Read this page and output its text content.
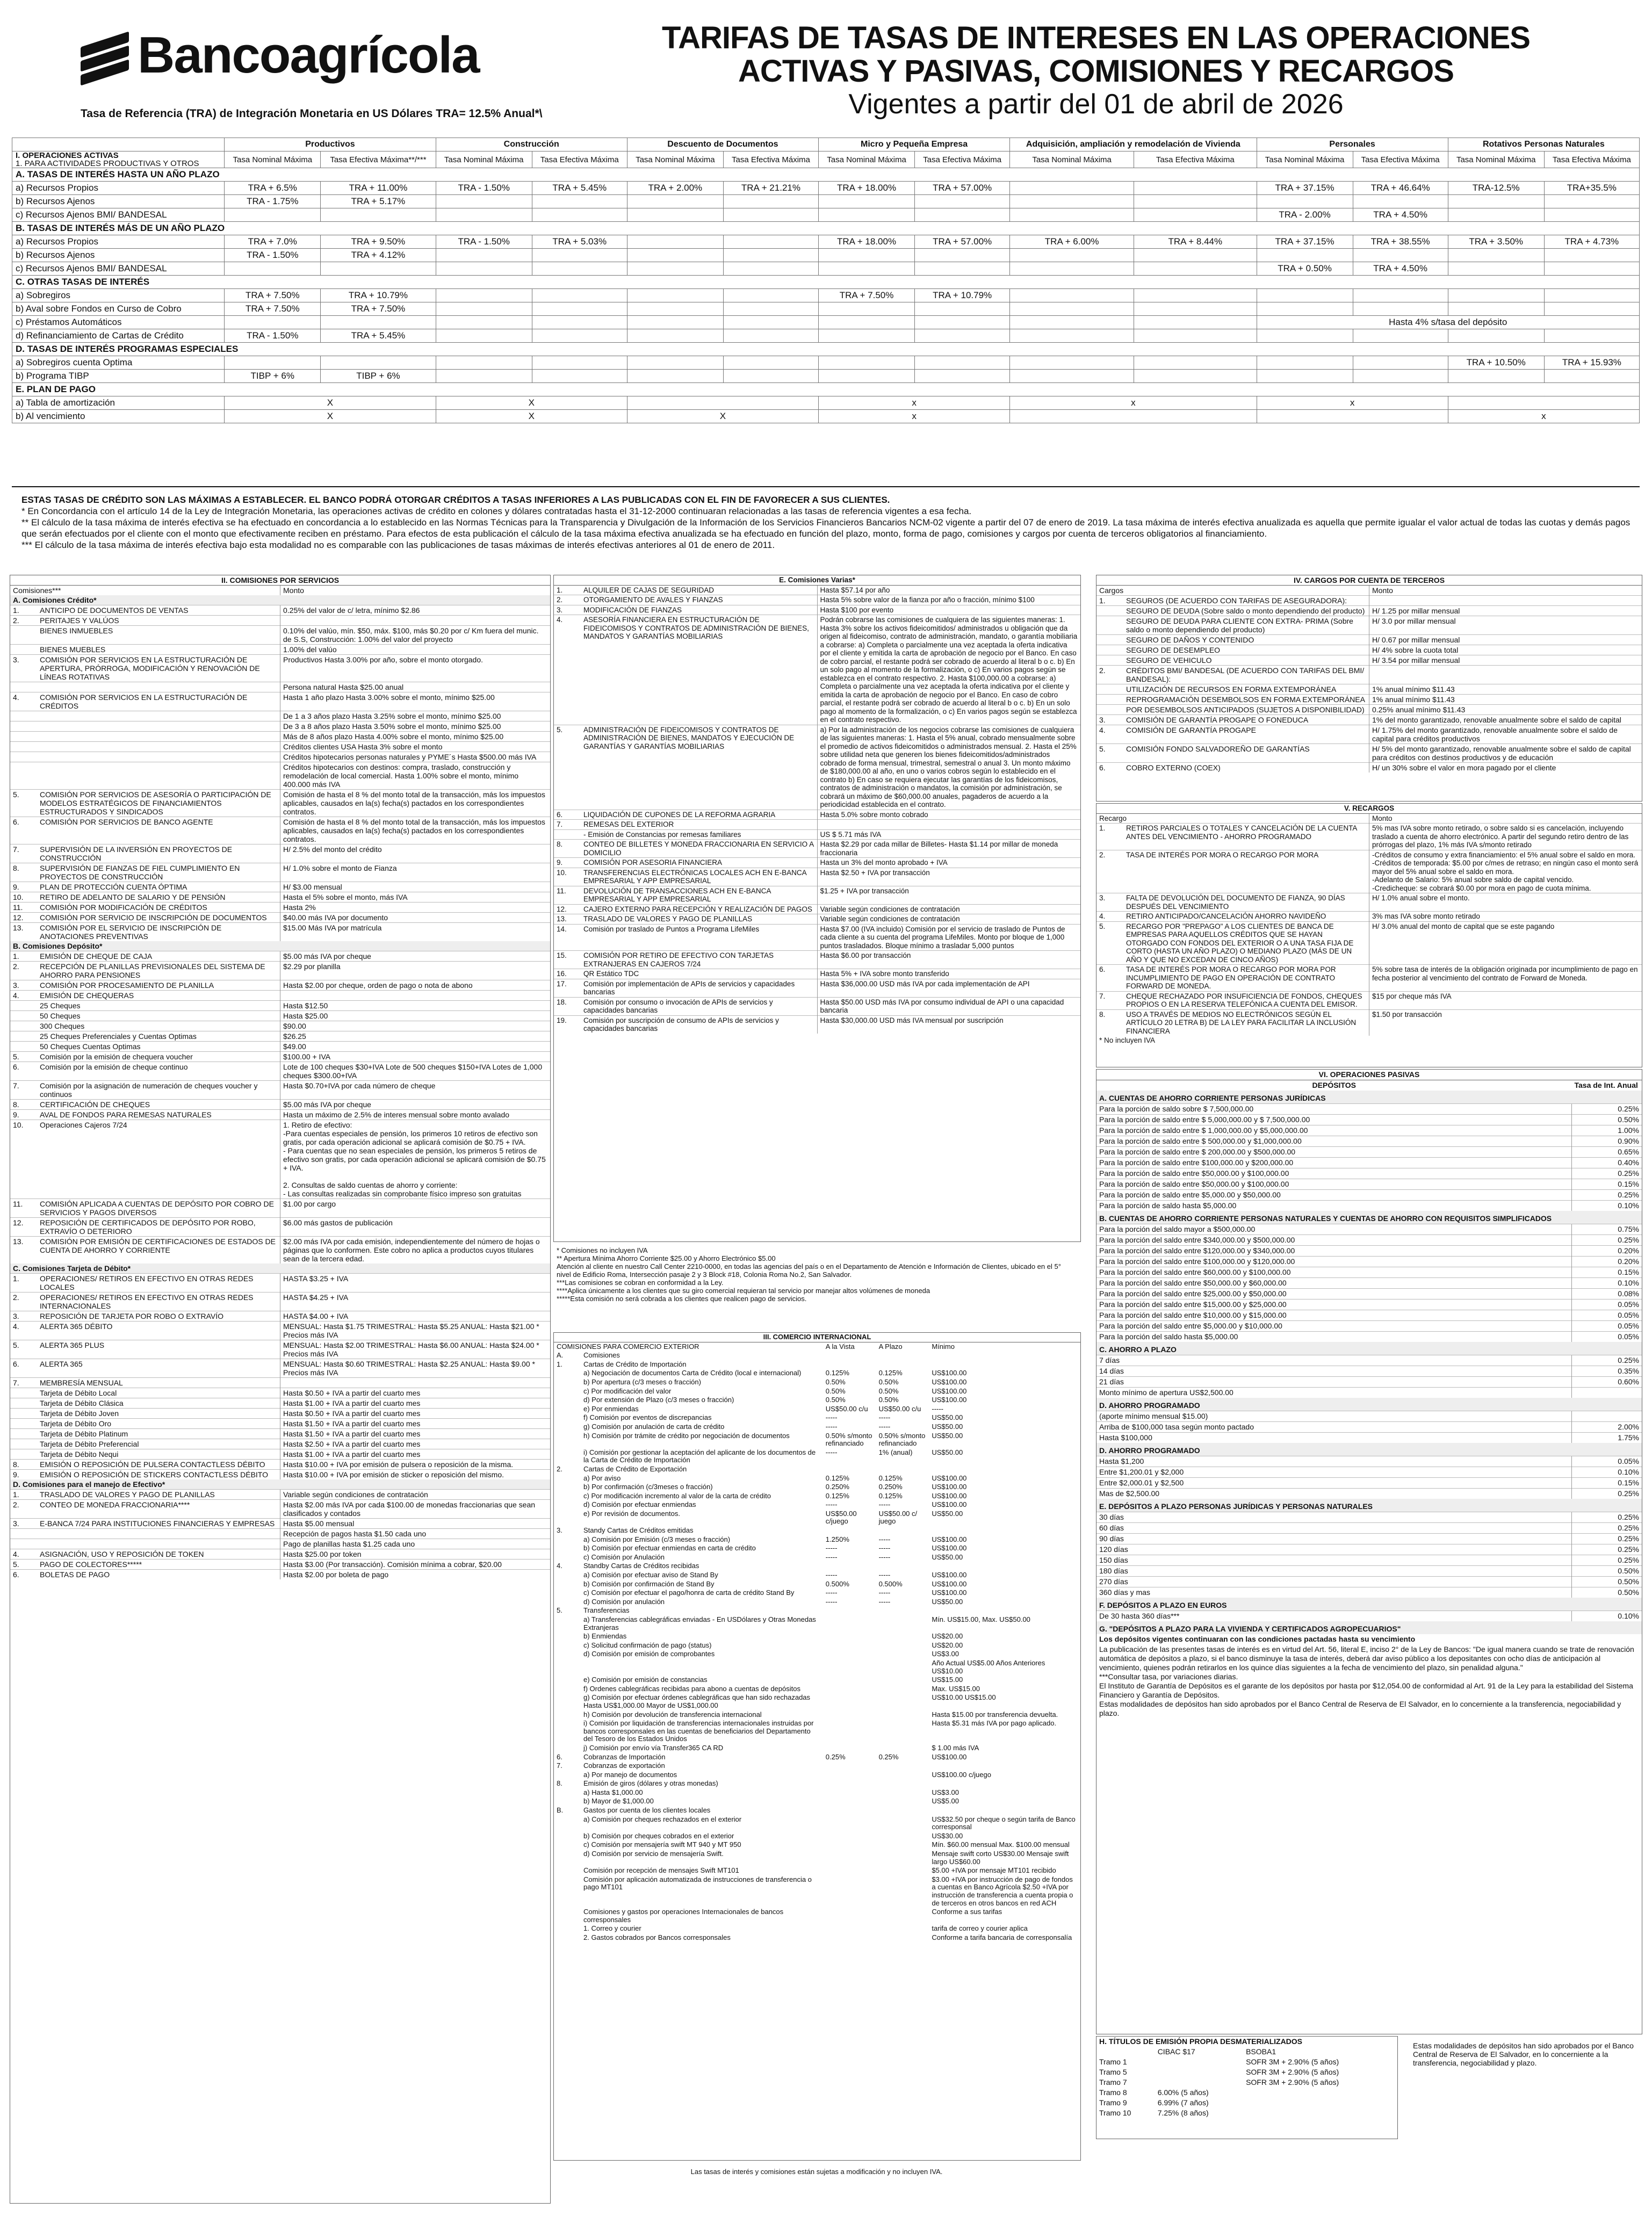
Bancoagrícola
Tasa de Referencia (TRA) de Integración Monetaria en US Dólares TRA= 12.5% Anual*\
TARIFAS DE TASAS DE INTERESES EN LAS OPERACIONES
ACTIVAS Y PASIVAS, COMISIONES Y RECARGOS
Vigentes a partir del 01 de abril de 2026
	Productivos		Construcción		Descuento de Documentos		Micro y Pequeña Empresa		Adquisición, ampliación y remodelación de Vivienda		Personales		Rotativos Personas Naturales	

I. OPERACIONES ACTIVAS
1. PARA ACTIVIDADES PRODUCTIVAS Y OTROS	Tasa Nominal Máxima	Tasa Efectiva Máxima**/***	Tasa Nominal Máxima	Tasa Efectiva Máxima	Tasa Nominal Máxima	Tasa Efectiva Máxima	Tasa Nominal Máxima	Tasa Efectiva Máxima	Tasa Nominal Máxima	Tasa Efectiva Máxima	Tasa Nominal Máxima	Tasa Efectiva Máxima	Tasa Nominal Máxima	Tasa Efectiva Máxima
A. TASAS DE INTERÉS HASTA UN AÑO PLAZO														
a) Recursos Propios	TRA + 6.5%	TRA + 11.00%	TRA - 1.50%	TRA + 5.45%	TRA + 2.00%	TRA + 21.21%	TRA + 18.00%	TRA + 57.00%			TRA + 37.15%	TRA + 46.64%	TRA-12.5%	TRA+35.5%
b) Recursos Ajenos	TRA - 1.75%	TRA + 5.17%												
c) Recursos Ajenos BMI/ BANDESAL											TRA - 2.00%	TRA + 4.50%		
B. TASAS DE INTERÉS MÁS DE UN AÑO PLAZO														
a) Recursos Propios	TRA + 7.0%	TRA + 9.50%	TRA - 1.50%	TRA + 5.03%			TRA + 18.00%	TRA + 57.00%	TRA + 6.00%	TRA + 8.44%	TRA + 37.15%	TRA + 38.55%	TRA + 3.50%	TRA + 4.73%
b) Recursos Ajenos	TRA - 1.50%	TRA + 4.12%												
c) Recursos Ajenos BMI/ BANDESAL											TRA + 0.50%	TRA + 4.50%		
C. OTRAS TASAS DE INTERÉS														
a) Sobregiros	TRA + 7.50%	TRA + 10.79%					TRA + 7.50%	TRA + 10.79%						
b) Aval sobre Fondos en Curso de Cobro	TRA + 7.50%	TRA + 7.50%												
c) Préstamos Automáticos											Hasta 4% s/tasa del depósito			
d) Refinanciamiento de Cartas de Crédito	TRA - 1.50%	TRA + 5.45%												
D. TASAS DE INTERÉS PROGRAMAS ESPECIALES														
a) Sobregiros cuenta Optima													TRA + 10.50%	TRA + 15.93%
b) Programa TIBP	TIBP + 6%	TIBP + 6%												
E. PLAN DE PAGO														
a) Tabla de amortización	X		X				x		x		x			
b) Al vencimiento	X		X		X		x						x	
ESTAS TASAS DE CRÉDITO SON LAS MÁXIMAS A ESTABLECER. EL BANCO PODRÁ OTORGAR CRÉDITOS A TASAS INFERIORES A LAS PUBLICADAS CON EL FIN DE FAVORECER A SUS CLIENTES.
* En Concordancia con el artículo 14 de la Ley de Integración Monetaria, las operaciones activas de crédito en colones y dólares contratadas hasta el 31-12-2000 continuaran relacionadas a las tasas de referencia vigentes a esa fecha.
** El cálculo de la tasa máxima de interés efectiva se ha efectuado en concordancia a lo establecido en las Normas Técnicas para la Transparencia y Divulgación de la Información de los Servicios Financieros Bancarios NCM-02 vigente a partir del 07 de enero de 2019. La tasa máxima de interés efectiva anualizada es aquella que permite igualar el valor actual de todas las cuotas y demás pagos que serán efectuados por el cliente con el monto que efectivamente reciben en préstamo. Para efectos de esta publicación el cálculo de la tasa máxima efectiva anualizada se ha efectuado en función del plazo, monto, forma de pago, comisiones y cargos por cuenta de terceros obligatorios al financiamiento.
*** El cálculo de la tasa máxima de interés efectiva bajo esta modalidad no es comparable con las publicaciones de tasas máximas de interés efectivas anteriores al 01 de enero de 2011.
II. COMISIONES POR SERVICIOS		
Comisiones***		Monto
A. Comisiones Crédito*		
1.	ANTICIPO DE DOCUMENTOS DE VENTAS	0.25% del valor de c/ letra, mínimo $2.86
2.	PERITAJES Y VALÚOS	
	BIENES INMUEBLES	0.10% del valúo, mín. $50, máx. $100, más $0.20 por c/ Km fuera del munic. de S.S, Construcción: 1.00% del valor del proyecto
	BIENES MUEBLES	1.00% del valúo
3.	COMISIÓN POR SERVICIOS EN LA ESTRUCTURACIÓN DE APERTURA, PRÓRROGA, MODIFICACIÓN Y RENOVACIÓN DE LÍNEAS ROTATIVAS	Productivos Hasta 3.00% por año, sobre el monto otorgado.
		Persona natural Hasta $25.00 anual
4.	COMISIÓN POR SERVICIOS EN LA ESTRUCTURACIÓN DE CRÉDITOS	Hasta 1 año plazo Hasta 3.00% sobre el monto, mínimo $25.00
		De 1 a 3 años plazo Hasta 3.25% sobre el monto, mínimo $25.00
		De 3 a 8 años plazo Hasta 3.50% sobre el monto, mínimo $25.00
		Más de 8 años plazo Hasta 4.00% sobre el monto, mínimo $25.00
		Créditos clientes USA Hasta 3% sobre el monto
		Créditos hipotecarios personas naturales y PYME´s Hasta $500.00 más IVA
		Créditos hipotecarios con destinos: compra, traslado, construcción y remodelación de local comercial. Hasta 1.00% sobre el monto, mínimo 400.000 más IVA
5.	COMISIÓN POR SERVICIOS DE ASESORÍA O PARTICIPACIÓN DE MODELOS ESTRATÉGICOS DE FINANCIAMIENTOS ESTRUCTURADOS Y SINDICADOS	Comisión de hasta el 8 % del monto total de la transacción, más los impuestos aplicables, causados en la(s) fecha(s) pactados en los correspondientes contratos.
6.	COMISIÓN POR SERVICIOS DE BANCO AGENTE	Comisión de hasta el 8 % del monto total de la transacción, más los impuestos aplicables, causados en la(s) fecha(s) pactados en los correspondientes contratos.
7.	SUPERVISIÓN DE LA INVERSIÓN EN PROYECTOS DE CONSTRUCCIÓN	H/ 2.5% del monto del crédito
8.	SUPERVISIÓN DE FIANZAS DE FIEL CUMPLIMIENTO EN PROYECTOS DE CONSTRUCCIÓN	H/ 1.0% sobre el monto de Fianza
9.	PLAN DE PROTECCIÓN CUENTA ÓPTIMA	H/ $3.00 mensual
10.	RETIRO DE ADELANTO DE SALARIO Y DE PENSIÓN	Hasta el 5% sobre el monto, más IVA
11.	COMISIÓN POR MODIFICACIÓN DE CRÉDITOS	Hasta 2%
12.	COMISIÓN POR SERVICIO DE INSCRIPCIÓN DE DOCUMENTOS	$40.00 más IVA por documento
13.	COMISIÓN POR EL SERVICIO DE INSCRIPCIÓN DE ANOTACIONES PREVENTIVAS	$15.00 Más IVA por matrícula
B. Comisiones Depósito*		
1.	EMISIÓN DE CHEQUE DE CAJA	$5.00 más IVA por cheque
2.	RECEPCIÓN DE PLANILLAS PREVISIONALES DEL SISTEMA DE AHORRO PARA PENSIONES	$2.29 por planilla
3.	COMISIÓN POR PROCESAMIENTO DE PLANILLA	Hasta $2.00 por cheque, orden de pago o nota de abono
4.	EMISIÓN DE CHEQUERAS	
	25 Cheques	Hasta $12.50
	50 Cheques	Hasta $25.00
	300 Cheques	$90.00
	25 Cheques Preferenciales y Cuentas Optimas	$26.25
	50 Cheques Cuentas Optimas	$49.00
5.	Comisión por la emisión de chequera voucher	$100.00 + IVA
6.	Comisión por la emisión de cheque continuo	Lote de 100 cheques $30+IVA Lote de 500 cheques $150+IVA Lotes de 1,000 cheques $300.00+IVA
7.	Comisión por la asignación de numeración de cheques voucher y continuos	Hasta $0.70+IVA por cada número de cheque
8.	CERTIFICACIÓN DE CHEQUES	$5.00 más IVA por cheque
9.	AVAL DE FONDOS PARA REMESAS NATURALES	Hasta un máximo de 2.5% de interes mensual sobre monto avalado
10.	Operaciones Cajeros 7/24	1. Retiro de efectivo:
-Para cuentas especiales de pensión, los primeros 10 retiros de efectivo son gratis, por cada operación adicional se aplicará comisión de $0.75 + IVA.
- Para cuentas que no sean especiales de pensión, los primeros 5 retiros de efectivo son gratis, por cada operación adicional se aplicará comisión de $0.75 + IVA.

2. Consultas de saldo cuentas de ahorro y corriente:
- Las consultas realizadas sin comprobante físico impreso son gratuitas
11.	COMISIÓN APLICADA A CUENTAS DE DEPÓSITO POR COBRO DE SERVICIOS Y PAGOS DIVERSOS	$1.00 por cargo
12.	REPOSICIÓN DE CERTIFICADOS DE DEPÓSITO POR ROBO, EXTRAVÍO O DETERIORO	$6.00 más gastos de publicación
13.	COMISIÓN POR EMISIÓN DE CERTIFICACIONES DE ESTADOS DE CUENTA DE AHORRO Y CORRIENTE	$2.00 más IVA por cada emisión, independientemente del número de hojas o páginas que lo conformen. Este cobro no aplica a productos cuyos titulares sean de la tercera edad.
C. Comisiones Tarjeta de Débito*		
1.	OPERACIONES/ RETIROS EN EFECTIVO EN OTRAS REDES LOCALES	HASTA $3.25 + IVA
2.	OPERACIONES/ RETIROS EN EFECTIVO EN OTRAS REDES INTERNACIONALES	HASTA $4.25 + IVA
3.	REPOSICIÓN DE TARJETA POR ROBO O EXTRAVÍO	HASTA $4.00 + IVA
4.	ALERTA 365 DÉBITO	MENSUAL: Hasta $1.75 TRIMESTRAL: Hasta $5.25 ANUAL: Hasta $21.00 * Precios más IVA
5.	ALERTA 365 PLUS	MENSUAL: Hasta $2.00 TRIMESTRAL: Hasta $6.00 ANUAL: Hasta $24.00 * Precios más IVA
6.	ALERTA 365	MENSUAL: Hasta $0.60 TRIMESTRAL: Hasta $2.25 ANUAL: Hasta $9.00 * Precios más IVA
7.	MEMBRESÍA MENSUAL	
	Tarjeta de Débito Local	Hasta $0.50 + IVA a partir del cuarto mes
	Tarjeta de Débito Clásica	Hasta $1.00 + IVA a partir del cuarto mes
	Tarjeta de Débito Joven	Hasta $0.50 + IVA a partir del cuarto mes
	Tarjeta de Débito Oro	Hasta $1.50 + IVA a partir del cuarto mes
	Tarjeta de Débito Platinum	Hasta $1.50 + IVA a partir del cuarto mes
	Tarjeta de Débito Preferencial	Hasta $2.50 + IVA a partir del cuarto mes
	Tarjeta de Débito Nequi	Hasta $1.00 + IVA a partir del cuarto mes
8.	EMISIÓN O REPOSICIÓN DE PULSERA CONTACTLESS DÉBITO	Hasta $10.00 + IVA por emisión de pulsera o reposición de la misma.
9.	EMISIÓN O REPOSICIÓN DE STICKERS CONTACTLESS DÉBITO	Hasta $10.00 + IVA por emisión de sticker o reposición del mismo.
D. Comisiones para el manejo de Efectivo*		
1.	TRASLADO DE VALORES Y PAGO DE PLANILLAS	Variable según condiciones de contratación
2.	CONTEO DE MONEDA FRACCIONARIA****	Hasta $2.00 más IVA por cada $100.00 de monedas fraccionarias que sean clasificados y contados
3.	E-BANCA 7/24 PARA INSTITUCIONES FINANCIERAS Y EMPRESAS	Hasta $5.00 mensual
		Recepción de pagos hasta $1.50 cada uno
		Pago de planillas hasta $1.25 cada uno
4.	ASIGNACIÓN, USO Y REPOSICIÓN DE TOKEN	Hasta $25.00 por token
5.	PAGO DE COLECTORES*****	Hasta $3.00 (Por transacción). Comisión mínima a cobrar, $20.00
6.	BOLETAS DE PAGO	Hasta $2.00 por boleta de pago
E. Comisiones Varias*		
1.	ALQUILER DE CAJAS DE SEGURIDAD	Hasta $57.14 por año
2.	OTORGAMIENTO DE AVALES Y FIANZAS	Hasta 5% sobre valor de la fianza por año o fracción, mínimo $100
3.	MODIFICACIÓN DE FIANZAS	Hasta $100 por evento
4.	ASESORÍA FINANCIERA EN ESTRUCTURACIÓN DE FIDEICOMISOS Y CONTRATOS DE ADMINISTRACIÓN DE BIENES, MANDATOS Y GARANTÍAS MOBILIARIAS	Podrán cobrarse las comisiones de cualquiera de las siguientes maneras: 1. Hasta 3% sobre los activos fideicomitidos/ administrados u obligación que da origen al fideicomiso, contrato de administración, mandato, o garantía mobiliaria a cobrarse: a) Completa o parcialmente una vez aceptada la oferta indicativa por el cliente y emitida la carta de aprobación de negocio por el Banco. En caso de cobro parcial, el restante podrá ser cobrado de acuerdo al literal b o c. b) En un solo pago al momento de la formalización, o c) En varios pagos según se establezca en el contrato respectivo. 2. Hasta $100,000.00 a cobrarse: a) Completa o parcialmente una vez aceptada la oferta indicativa por el cliente y emitida la carta de aprobación de negocio por el Banco. En caso de cobro parcial, el restante podrá ser cobrado de acuerdo al literal b o c. b) En un solo pago al momento de la formalización, o c) En varios pagos según se establezca en el contrato respectivo.
5.	ADMINISTRACIÓN DE FIDEICOMISOS Y CONTRATOS DE ADMINISTRACIÓN DE BIENES, MANDATOS Y EJECUCIÓN DE GARANTÍAS Y GARANTÍAS MOBILIARIAS	a) Por la administración de los negocios cobrarse las comisiones de cualquiera de las siguientes maneras: 1. Hasta el 5% anual, cobrado mensualmente sobre el promedio de activos fideicomitidos o administrados mensual. 2. Hasta el 25% sobre utilidad neta que generen los bienes fideicomitidos/administrados cobrado de forma mensual, trimestral, semestral o anual 3. Un monto máximo de $180,000.00 al año, en uno o varios cobros según lo establecido en el contrato b) En caso se requiera ejecutar las garantías de los fideicomisos, contratos de administración o mandatos, la comisión por administración, se cobrará un máximo de $60,000.00 anuales, pagaderos de acuerdo a la periodicidad establecida en el contrato.
6.	LIQUIDACIÓN DE CUPONES DE LA REFORMA AGRARIA	Hasta 5.0% sobre monto cobrado
7.	REMESAS DEL EXTERIOR	
	- Emisión de Constancias por remesas familiares	US $ 5.71 más IVA
8.	CONTEO DE BILLETES Y MONEDA FRACCIONARIA EN SERVICIO A DOMICILIO	Hasta $2.29 por cada millar de Billetes- Hasta $1.14 por millar de moneda fraccionaria
9.	COMISIÓN POR ASESORIA FINANCIERA	Hasta un 3% del monto aprobado + IVA
10.	TRANSFERENCIAS ELECTRÓNICAS LOCALES ACH EN E-BANCA EMPRESARIAL Y APP EMPRESARIAL	Hasta $2.50 + IVA por transacción
11.	DEVOLUCIÓN DE TRANSACCIONES ACH EN E-BANCA EMPRESARIAL Y APP EMPRESARIAL	$1.25 + IVA por transacción
12.	CAJERO EXTERNO PARA RECEPCIÓN Y REALIZACIÓN DE PAGOS	Variable según condiciones de contratación
13.	TRASLADO DE VALORES Y PAGO DE PLANILLAS	Variable según condiciones de contratación
14.	Comisión por traslado de Puntos a Programa LifeMiles	Hasta $7.00 (IVA incluido) Comisión por el servicio de traslado de Puntos de cada cliente a su cuenta del programa LifeMiles. Monto por bloque de 1,000 puntos trasladados. Bloque mínimo a trasladar 5,000 puntos
15.	COMISIÓN POR RETIRO DE EFECTIVO CON TARJETAS EXTRANJERAS EN CAJEROS 7/24	Hasta $6.00 por transacción
16.	QR Estático TDC	Hasta 5% + IVA sobre monto transferido
17.	Comisión por implementación de APIs de servicios y capacidades bancarias	Hasta $36,000.00 USD más IVA por cada implementación de API
18.	Comisión por consumo o invocación de APIs de servicios y capacidades bancarias	Hasta $50.00 USD más IVA por consumo individual de API o una capacidad bancaria
19.	Comisión por suscripción de consumo de APIs de servicios y capacidades bancarias	Hasta $30,000.00 USD más IVA mensual por suscripción
* Comisiones no incluyen IVA
** Apertura Mínima Ahorro Corriente $25.00 y Ahorro Electrónico $5.00
Atención al cliente en nuestro Call Center 2210-0000, en todas las agencias del país o en el Departamento de Atención e Información de Clientes, ubicado en el 5° nivel de Edificio Roma, Intersección pasaje 2 y 3 Block #18, Colonia Roma No.2, San Salvador.
***Las comisiones se cobran en conformidad a la Ley.
****Aplica únicamente a los clientes que su giro comercial requieran tal servicio por manejar altos volúmenes de moneda
*****Esta comisión no será cobrada a los clientes que realicen pago de servicios.
III. COMERCIO INTERNACIONAL				
COMISIONES PARA COMERCIO EXTERIOR		A la Vista	A Plazo	Mínimo
A.	Comisiones			
1.	Cartas de Crédito de Importación			
	a) Negociación de documentos Carta de Crédito (local e internacional)	0.125%	0.125%	US$100.00
	b) Por apertura (c/3 meses o fracción)	0.50%	0.50%	US$100.00
	c) Por modificación del valor	0.50%	0.50%	US$100.00
	d) Por extensión de Plazo (c/3 meses o fracción)	0.50%	0.50%	US$100.00
	e) Por enmiendas	US$50.00 c/u	US$50.00 c/u	-----
	f) Comisión por eventos de discrepancias	-----	-----	US$50.00
	g) Comisión por anulación de carta de crédito	-----	-----	US$50.00
	h) Comisión por trámite de crédito por negociación de documentos	0.50% s/monto refinanciado	0.50% s/monto refinanciado	US$50.00
	i) Comisión por gestionar la aceptación del aplicante de los documentos de la Carta de Crédito de Importación	-----	1% (anual)	US$50.00
2.	Cartas de Crédito de Exportación			
	a) Por aviso	0.125%	0.125%	US$100.00
	b) Por confirmación (c/3meses o fracción)	0.250%	0.250%	US$100.00
	c) Por modificación incremento al valor de la carta de crédito	0.125%	0.125%	US$100.00
	d) Comisión por efectuar enmiendas	-----	-----	US$100.00
	e) Por revisión de documentos.	US$50.00 c/juego	US$50.00 c/ juego	US$50.00
3.	Standy Cartas de Créditos emitidas			
	a) Comisión por Emisión (c/3 meses o fracción)	1.250%	-----	US$100.00
	b) Comisión por efectuar enmiendas en carta de crédito	-----	-----	US$100.00
	c) Comisión por Anulación	-----	-----	US$50.00
4.	Standby Cartas de Créditos recibidas			
	a) Comisión por efectuar aviso de Stand By	-----	-----	US$100.00
	b) Comisión por confirmación de Stand By	0.500%	0.500%	US$100.00
	c) Comisión por efectuar el pago/honra de carta de crédito Stand By	-----	-----	US$100.00
	d) Comisión por anulación	-----	-----	US$50.00
5.	Transferencias			
	a) Transferencias cablegráficas enviadas - En USDólares y Otras Monedas Extranjeras			Mín. US$15.00, Max. US$50.00
	b) Enmiendas			US$20.00
	c) Solicitud confirmación de pago (status)			US$20.00
	d) Comisión por emisión de comprobantes			US$3.00
				Año Actual US$5.00 Años Anteriores US$10.00
	e) Comisión por emisión de constancias			US$15.00
	f) Ordenes cablegráficas recibidas para abono a cuentas de depósitos			Max. US$15.00
	g) Comisión por efectuar órdenes cablegráficas que han sido rechazadas Hasta US$1,000.00 Mayor de US$1,000.00			US$10.00 US$15.00
	h) Comisión por devolución de transferencia internacional			Hasta $15.00 por transferencia devuelta.
	i) Comisión por liquidación de transferencias internacionales instruidas por bancos corresponsales en las cuentas de beneficiarios del Departamento del Tesoro de los Estados Unidos			Hasta $5.31 más IVA por pago aplicado.
	j) Comisión por envío vía Transfer365 CA RD			$ 1.00 más IVA
6.	Cobranzas de Importación	0.25%	0.25%	US$100.00
7.	Cobranzas de exportación			
	a) Por manejo de documentos			US$100.00 c/juego
8.	Emisión de giros (dólares y otras monedas)			
	a) Hasta $1,000.00			US$3.00
	b) Mayor de $1,000.00			US$5.00
B.	Gastos por cuenta de los clientes locales			
	a) Comisión por cheques rechazados en el exterior			US$32.50 por cheque o según tarifa de Banco corresponsal
	b) Comisión por cheques cobrados en el exterior			US$30.00
	c) Comisión por mensajería swift MT 940 y MT 950			Mín. $60.00 mensual Max. $100.00 mensual
	d) Comisión por servicio de mensajería Swift.			Mensaje swift corto US$30.00 Mensaje swift largo US$60.00
	Comisión por recepción de mensajes Swift MT101			$5.00 +IVA por mensaje MT101 recibido
	Comisión por aplicación automatizada de instrucciones de transferencia o pago MT101			$3.00 +IVA por instrucción de pago de fondos a cuentas en Banco Agrícola $2.50 +IVA por instrucción de transferencia a cuenta propia o de terceros en otros bancos en red ACH
	Comisiones y gastos por operaciones Internacionales de bancos corresponsales			Conforme a sus tarifas
	1. Correo y courier			tarifa de correo y courier aplica
	2. Gastos cobrados por Bancos corresponsales			Conforme a tarifa bancaria de corresponsalía
Las tasas de interés y comisiones están sujetas a modificación y no incluyen IVA.
IV. CARGOS POR CUENTA DE TERCEROS		
Cargos		Monto
1.	SEGUROS (DE ACUERDO CON TARIFAS DE ASEGURADORA):	
	SEGURO DE DEUDA (Sobre saldo o monto dependiendo del producto)	H/ 1.25 por millar mensual
	SEGURO DE DEUDA PARA CLIENTE CON EXTRA- PRIMA (Sobre saldo o monto dependiendo del producto)	H/ 3.0 por millar mensual
	SEGURO DE DAÑOS Y CONTENIDO	H/ 0.67 por millar mensual
	SEGURO DE DESEMPLEO	H/ 4% sobre la cuota total
	SEGURO DE VEHICULO	H/ 3.54 por millar mensual
2.	CRÉDITOS BMI/ BANDESAL (DE ACUERDO CON TARIFAS DEL BMI/ BANDESAL):	
	UTILIZACIÓN DE RECURSOS EN FORMA EXTEMPORÁNEA	1% anual mínimo $11.43
	REPROGRAMACIÓN DESEMBOLSOS EN FORMA EXTEMPORÁNEA	1% anual mínimo $11.43
	POR DESEMBOLSOS ANTICIPADOS (SUJETOS A DISPONIBILIDAD)	0.25% anual mínimo $11.43
3.	COMISIÓN DE GARANTÍA PROGAPE O FONEDUCA	1% del monto garantizado, renovable anualmente sobre el saldo de capital
4.	COMISIÓN DE GARANTÍA PROGAPE	H/ 1.75% del monto garantizado, renovable anualmente sobre el saldo de capital para créditos productivos
5.	COMISIÓN FONDO SALVADOREÑO DE GARANTÍAS	H/ 5% del monto garantizado, renovable anualmente sobre el saldo de capital para créditos con destinos productivos y de educación
6.	COBRO EXTERNO (COEX)	H/ un 30% sobre el valor en mora pagado por el cliente
V. RECARGOS		
Recargo		Monto
1.	RETIROS PARCIALES O TOTALES Y CANCELACIÓN DE LA CUENTA ANTES DEL VENCIMIENTO - AHORRO PROGRAMADO	5% mas IVA sobre monto retirado, o sobre saldo si es cancelación, incluyendo traslado a cuenta de ahorro electrónico. A partir del segundo retiro dentro de las prórrogas del plazo, 1% más IVA s/monto retirado
2.	TASA DE INTERÉS POR MORA O RECARGO POR MORA	-Créditos de consumo y extra financiamiento: el 5% anual sobre el saldo en mora.
-Créditos de temporada: $5.00 por c/mes de retraso; en ningún caso el monto será mayor del 5% anual sobre el saldo en mora.
-Adelanto de Salario: 5% anual sobre saldo de capital vencido.
-Credicheque: se cobrará $0.00 por mora en pago de cuota mínima.
3.	FALTA DE DEVOLUCIÓN DEL DOCUMENTO DE FIANZA, 90 DÍAS DESPUÉS DEL VENCIMIENTO	H/ 1.0% anual sobre el monto.
4.	RETIRO ANTICIPADO/CANCELACIÓN AHORRO NAVIDEÑO	3% mas IVA sobre monto retirado
5.	RECARGO POR "PREPAGO" A LOS CLIENTES DE BANCA DE EMPRESAS PARA AQUELLOS CRÉDITOS QUE SE HAYAN OTORGADO CON FONDOS DEL EXTERIOR O A UNA TASA FIJA DE CORTO (HASTA UN AÑO PLAZO) O MEDIANO PLAZO (MÁS DE UN AÑO Y QUE NO EXCEDAN DE CINCO AÑOS)	H/ 3.0% anual del monto de capital que se este pagando
6.	TASA DE INTERÉS POR MORA O RECARGO POR MORA POR INCUMPLIMIENTO DE PAGO EN OPERACIÓN DE CONTRATO FORWARD DE MONEDA.	5% sobre tasa de interés de la obligación originada por incumplimiento de pago en fecha posterior al vencimiento del contrato de Forward de Moneda.
7.	CHEQUE RECHAZADO POR INSUFICIENCIA DE FONDOS, CHEQUES PROPIOS O EN LA RESERVA TELEFÓNICA A CUENTA DEL EMISOR.	$15 por cheque más IVA
8.	USO A TRAVÉS DE MEDIOS NO ELECTRÓNICOS SEGÚN EL ARTÍCULO 20 LETRA B) DE LA LEY PARA FACILITAR LA INCLUSIÓN FINANCIERA	$1.50 por transacción
* No incluyen IVA		
VI. OPERACIONES PASIVAS	
DEPÓSITOS	Tasa de Int. Anual
A. CUENTAS DE AHORRO CORRIENTE PERSONAS JURÍDICAS	
Para la porción de saldo sobre $ 7,500,000.00	0.25%
Para la porción de saldo entre $ 5,000,000.00 y $ 7,500,000.00	0.50%
Para la porción de saldo entre $ 1,000,000.00 y $5,000,000.00	1.00%
Para la porción de saldo entre $ 500,000.00 y $1,000,000.00	0.90%
Para la porción de saldo entre $ 200,000.00 y $500,000.00	0.65%
Para la porción de saldo entre $100,000.00 y $200,000.00	0.40%
Para la porción de saldo entre $50,000.00 y $100,000.00	0.25%
Para la porción de saldo entre $50,000.00 y $100,000.00	0.15%
Para la porción de saldo entre $5,000.00 y $50,000.00	0.25%
Para la porción de saldo hasta $5,000.00	0.10%
B. CUENTAS DE AHORRO CORRIENTE PERSONAS NATURALES Y CUENTAS DE AHORRO CON REQUISITOS SIMPLIFICADOS	
Para la porción del saldo mayor a $500,000.00	0.75%
Para la porción del saldo entre $340,000.00 y $500,000.00	0.25%
Para la porción del saldo entre $120,000.00 y $340,000.00	0.20%
Para la porción del saldo entre $100,000.00 y $120,000.00	0.20%
Para la porción del saldo entre $60,000.00 y $100,000.00	0.15%
Para la porción del saldo entre $50,000.00 y $60,000.00	0.10%
Para la porción del saldo entre $25,000.00 y $50,000.00	0.08%
Para la porción del saldo entre $15,000.00 y $25,000.00	0.05%
Para la porción del saldo entre $10,000.00 y $15,000.00	0.05%
Para la porción del saldo entre $5,000.00 y $10,000.00	0.05%
Para la porción del saldo hasta $5,000.00	0.05%
C. AHORRO A PLAZO	
7 días	0.25%
14 días	0.35%
21 días	0.60%
Monto mínimo de apertura US$2,500.00	
D. AHORRO PROGRAMADO	
(aporte mínimo mensual $15.00)	
Arriba de $100,000 tasa según monto pactado	2.00%
Hasta $100,000	1.75%
D. AHORRO PROGRAMADO	
Hasta $1,200	0.05%
Entre $1,200.01 y $2,000	0.10%
Entre $2,000.01 y $2,500	0.15%
Mas de $2,500.00	0.25%
E. DEPÓSITOS A PLAZO PERSONAS JURÍDICAS Y PERSONAS NATURALES	
30 días	0.25%
60 días	0.25%
90 días	0.25%
120 días	0.25%
150 días	0.25%
180 días	0.50%
270 días	0.50%
360 días y mas	0.50%
F. DEPÓSITOS A PLAZO EN EUROS	
De 30 hasta 360 días***	0.10%
G. "DEPÓSITOS A PLAZO PARA LA VIVIENDA Y CERTIFICADOS AGROPECUARIOS"	
Los depósitos vigentes continuaran con las condiciones pactadas hasta su vencimiento	
La publicación de las presentes tasas de interés es en virtud del Art. 56, literal E, inciso 2° de la Ley de Bancos: "De igual manera cuando se trate de renovación automática de depósitos a plazo, si el banco disminuye la tasa de interés, deberá dar aviso público a los depositantes con ocho días de anticipación al vencimiento, quienes podrán retirarlos en los quince días siguientes a la fecha de vencimiento del plazo, sin penalidad alguna."
***Consultar tasa, por variaciones diarias.
El Instituto de Garantía de Depósitos es el garante de los depósitos por hasta por $12,054.00 de conformidad al Art. 91 de la Ley para la estabilidad del Sistema Financiero y Garantía de Depósitos.
Estas modalidades de depósitos han sido aprobados por el Banco Central de Reserva de El Salvador, en lo concerniente a la transferencia, negociabilidad y plazo.	
H. TÍTULOS DE EMISIÓN PROPIA DESMATERIALIZADOS		
	CIBAC $17	BSOBA1
Tramo 1		SOFR 3M + 2.90% (5 años)
Tramo 5		SOFR 3M + 2.90% (5 años)
Tramo 7		SOFR 3M + 2.90% (5 años)
Tramo 8	6.00% (5 años)	
Tramo 9	6.99% (7 años)	
Tramo 10	7.25% (8 años)	
Estas modalidades de depósitos han sido aprobados por el Banco Central de Reserva de El Salvador, en lo concerniente a la transferencia, negociabilidad y plazo.
